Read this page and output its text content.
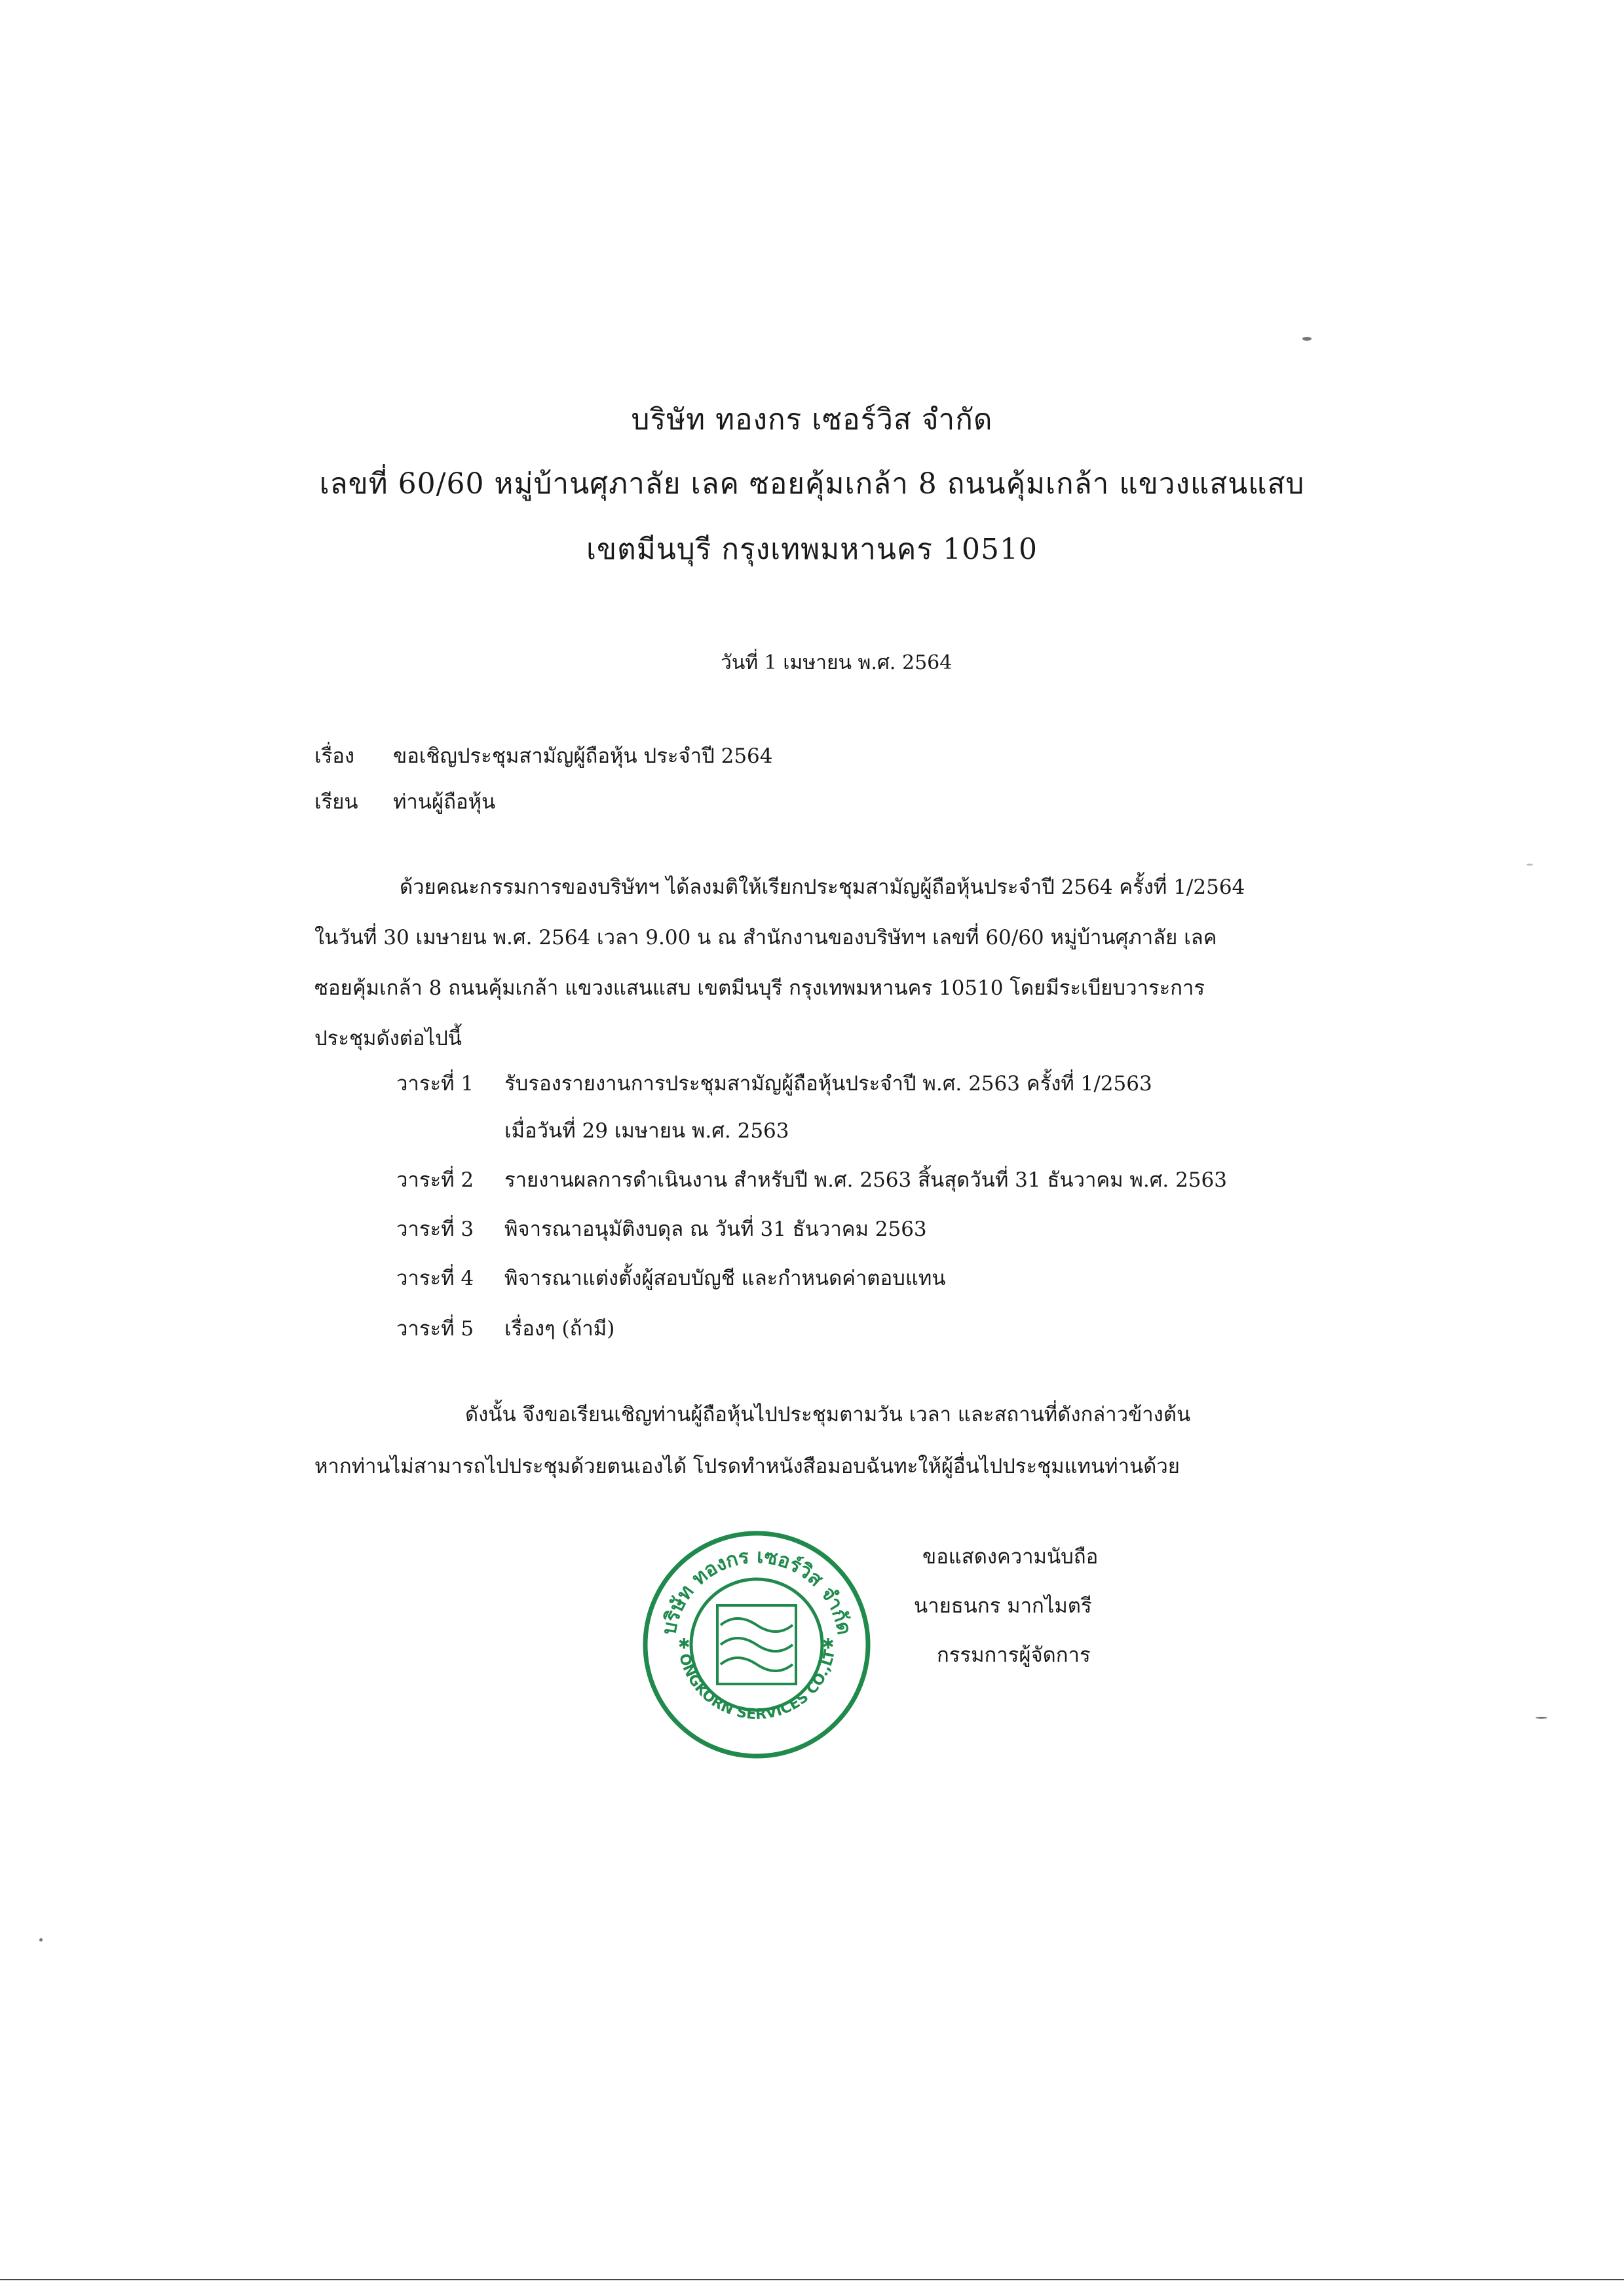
บริษัท ทองกร เซอร์วิส จำกัด
เลขที่ 60/60 หมู่บ้านศุภาลัย เลค ซอยคุ้มเกล้า 8 ถนนคุ้มเกล้า แขวงแสนแสบ
เขตมีนบุรี กรุงเทพมหานคร 10510
วันที่ 1 เมษายน พ.ศ. 2564
เรื่อง ขอเชิญประชุมสามัญผู้ถือหุ้น ประจำปี 2564
เรียน ท่านผู้ถือหุ้น
ด้วยคณะกรรมการของบริษัทฯ ได้ลงมติให้เรียกประชุมสามัญผู้ถือหุ้นประจำปี 2564 ครั้งที่ 1/2564
ในวันที่ 30 เมษายน พ.ศ. 2564 เวลา 9.00 น ณ สำนักงานของบริษัทฯ เลขที่ 60/60 หมู่บ้านศุภาลัย เลค
ซอยคุ้มเกล้า 8 ถนนคุ้มเกล้า แขวงแสนแสบ เขตมีนบุรี กรุงเทพมหานคร 10510 โดยมีระเบียบวาระการ
ประชุมดังต่อไปนี้
วาระที่ 1 รับรองรายงานการประชุมสามัญผู้ถือหุ้นประจำปี พ.ศ. 2563 ครั้งที่ 1/2563
เมื่อวันที่ 29 เมษายน พ.ศ. 2563
วาระที่ 2 รายงานผลการดำเนินงาน สำหรับปี พ.ศ. 2563 สิ้นสุดวันที่ 31 ธันวาคม พ.ศ. 2563
วาระที่ 3 พิจารณาอนุมัติงบดุล ณ วันที่ 31 ธันวาคม 2563
วาระที่ 4 พิจารณาแต่งตั้งผู้สอบบัญชี และกำหนดค่าตอบแทน
วาระที่ 5 เรื่องๆ (ถ้ามี)
ดังนั้น จึงขอเรียนเชิญท่านผู้ถือหุ้นไปประชุมตามวัน เวลา และสถานที่ดังกล่าวข้างต้น
หากท่านไม่สามารถไปประชุมด้วยตนเองได้ โปรดทำหนังสือมอบฉันทะให้ผู้อื่นไปประชุมแทนท่านด้วย
บริษัท ทองกร เซอร์วิส จำกัด
ONGKORN SERVICES CO.,LT
✱	✱
ขอแสดงความนับถือ
นายธนกร มากไมตรี
กรรมการผู้จัดการ
